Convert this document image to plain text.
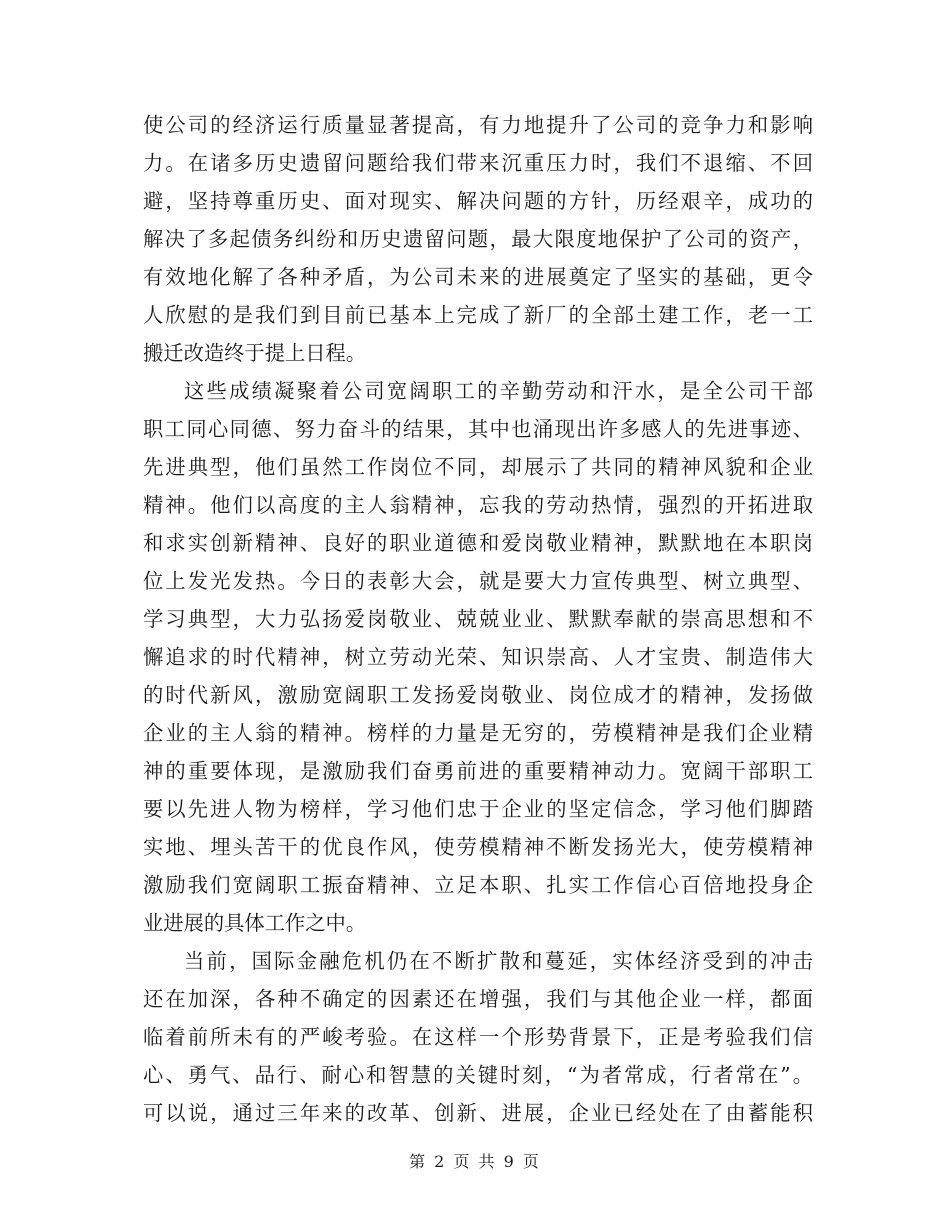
使公司的经济运行质量显著提高，有力地提升了公司的竞争力和影响
力。在诸多历史遗留问题给我们带来沉重压力时，我们不退缩、不回
避，坚持尊重历史、面对现实、解决问题的方针，历经艰辛，成功的
解决了多起债务纠纷和历史遗留问题，最大限度地保护了公司的资产，
有效地化解了各种矛盾，为公司未来的进展奠定了坚实的基础，更令
人欣慰的是我们到目前已基本上完成了新厂的全部土建工作，老一工
搬迁改造终于提上日程。
这些成绩凝聚着公司宽阔职工的辛勤劳动和汗水，是全公司干部
职工同心同德、努力奋斗的结果，其中也涌现出许多感人的先进事迹、
先进典型，他们虽然工作岗位不同，却展示了共同的精神风貌和企业
精神。他们以高度的主人翁精神，忘我的劳动热情，强烈的开拓进取
和求实创新精神、良好的职业道德和爱岗敬业精神，默默地在本职岗
位上发光发热。今日的表彰大会，就是要大力宣传典型、树立典型、
学习典型，大力弘扬爱岗敬业、兢兢业业、默默奉献的崇高思想和不
懈追求的时代精神，树立劳动光荣、知识崇高、人才宝贵、制造伟大
的时代新风，激励宽阔职工发扬爱岗敬业、岗位成才的精神，发扬做
企业的主人翁的精神。榜样的力量是无穷的，劳模精神是我们企业精
神的重要体现，是激励我们奋勇前进的重要精神动力。宽阔干部职工
要以先进人物为榜样，学习他们忠于企业的坚定信念，学习他们脚踏
实地、埋头苦干的优良作风，使劳模精神不断发扬光大，使劳模精神
激励我们宽阔职工振奋精神、立足本职、扎实工作信心百倍地投身企
业进展的具体工作之中。
当前，国际金融危机仍在不断扩散和蔓延，实体经济受到的冲击
还在加深，各种不确定的因素还在增强，我们与其他企业一样，都面
临着前所未有的严峻考验。在这样一个形势背景下，正是考验我们信
心、勇气、品行、耐心和智慧的关键时刻，“为者常成，行者常在”。
可以说，通过三年来的改革、创新、进展，企业已经处在了由蓄能积
第 2 页 共 9 页
